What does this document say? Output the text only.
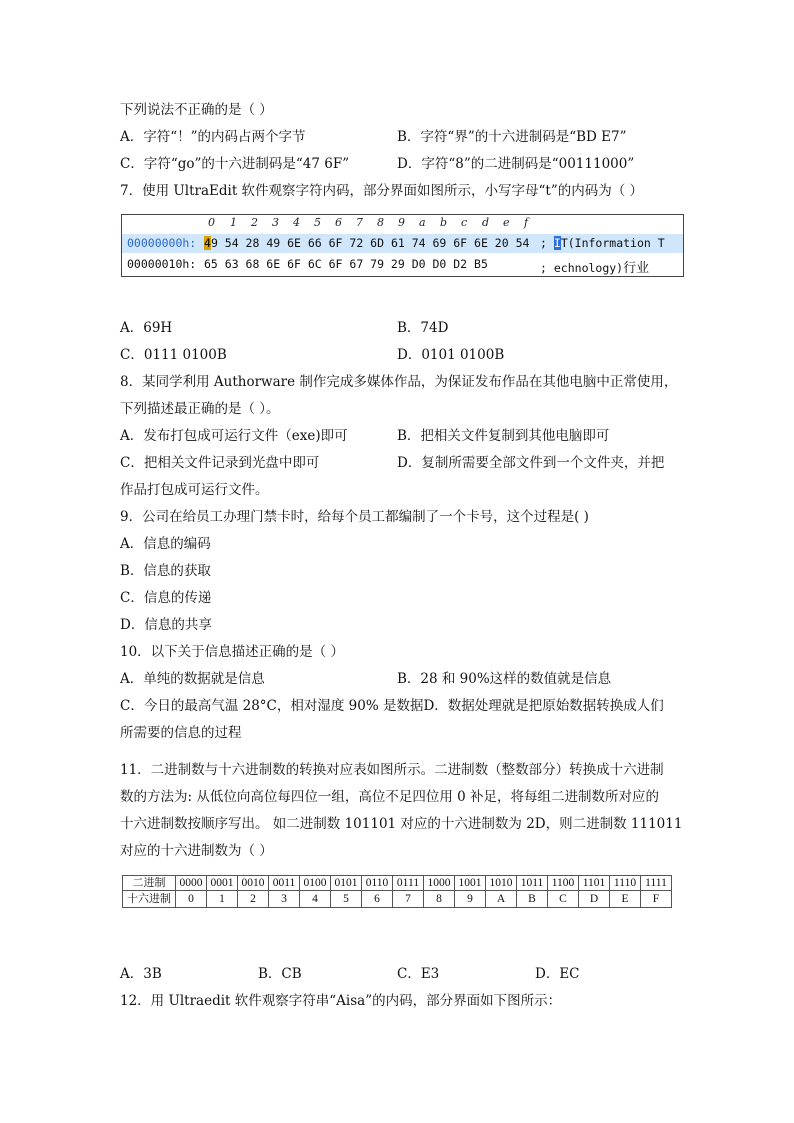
下列说法不正确的是（ ）
A．字符“！”的内码占两个字节	B．字符“界”的十六进制码是“BD E7”
C．字符“go”的十六进制码是“47 6F”	D．字符“8”的二进制码是“00111000”
7．使用 UltraEdit 软件观察字符内码，部分界面如图所示，小写字母“t”的内码为（ ）
0 1 2 3 4 5 6 7 8 9 a b c d e f
00000000h: 49 54 28 49 6E 66 6F 72 6D 61 74 69 6F 6E 20 54 ; IT(Information T
00000010h: 65 63 68 6E 6F 6C 6F 67 79 29 D0 D0 D2 B5	; echnology)行业
A．69H	B．74D
C．0111 0100B	D．0101 0100B
8．某同学利用 Authorware 制作完成多媒体作品，为保证发布作品在其他电脑中正常使用，
下列描述最正确的是（ ）。
A．发布打包成可运行文件（exe)即可	B．把相关文件复制到其他电脑即可
C．把相关文件记录到光盘中即可	D．复制所需要全部文件到一个文件夹，并把
作品打包成可运行文件。
9．公司在给员工办理门禁卡时，给每个员工都编制了一个卡号，这个过程是( )
A．信息的编码
B．信息的获取
C．信息的传递
D．信息的共享
10．以下关于信息描述正确的是（ ）
A．单纯的数据就是信息	B．28 和 90%这样的数值就是信息
C．今日的最高气温 28°C，相对湿度 90% 是数据D．数据处理就是把原始数据转换成人们
所需要的信息的过程
11．二进制数与十六进制数的转换对应表如图所示。二进制数（整数部分）转换成十六进制
数的方法为: 从低位向高位每四位一组，高位不足四位用 0 补足，将每组二进制数所对应的
十六进制数按顺序写出。 如二进制数 101101 对应的十六进制数为 2D，则二进制数 111011
对应的十六进制数为（ ）
二进制	0000	0001	0010	0011	0100	0101	0110	0111	1000	1001	1010	1011	1100	1101	1110	1111
十六进制	0	1	2	3	4	5	6	7	8	9	A	B	C	D	E	F
A．3B	B．CB	C．E3	D．EC
12．用 Ultraedit 软件观察字符串“Aisa”的内码，部分界面如下图所示：
